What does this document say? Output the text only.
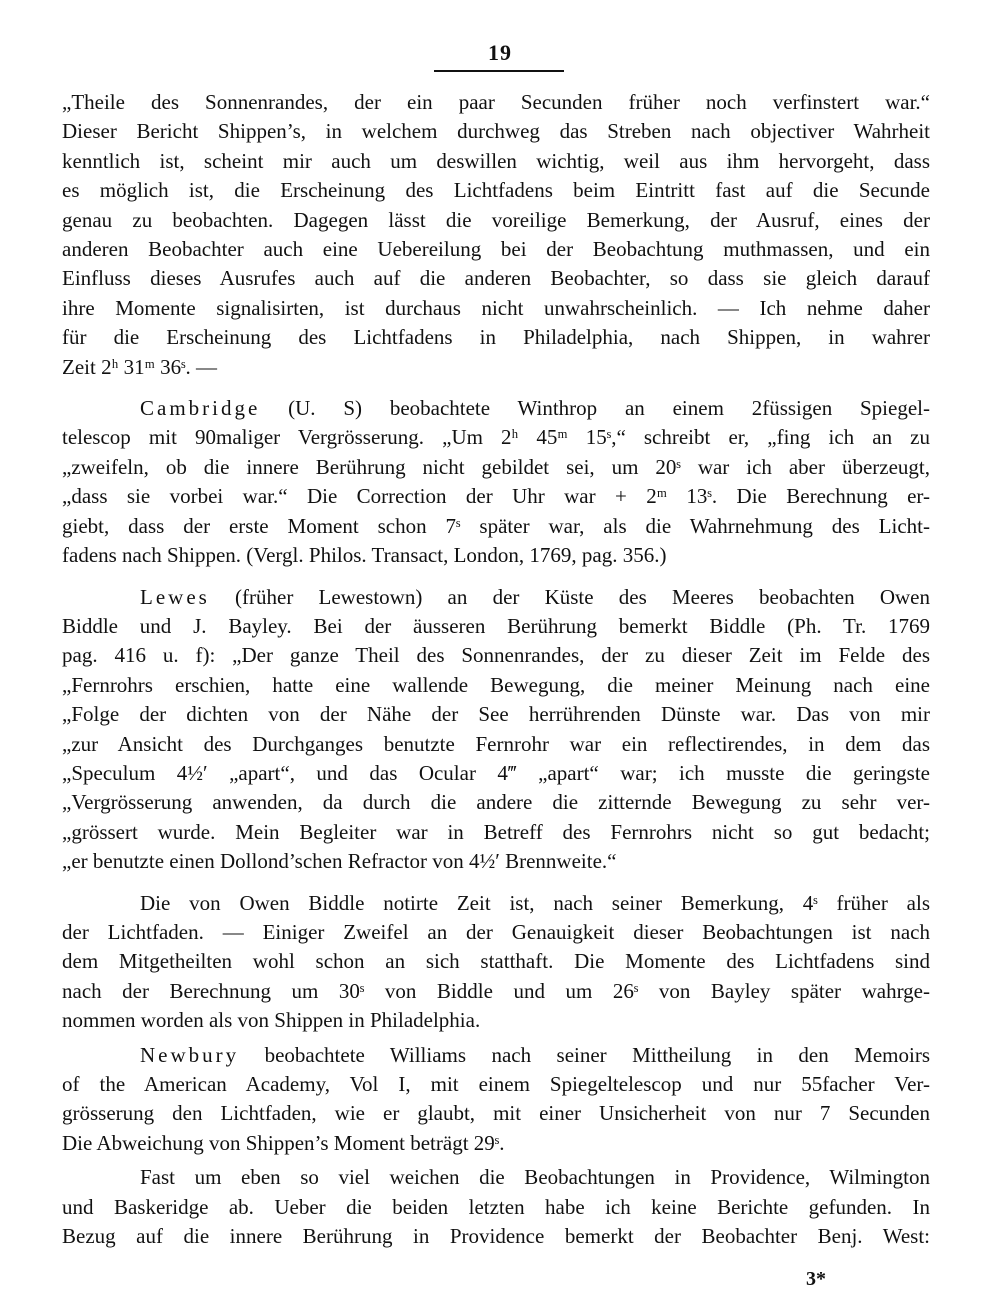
19

„Theile des Sonnenrandes, der ein paar Secunden früher noch verfinstert war.“
Dieser Bericht Shippen’s, in welchem durchweg das Streben nach objectiver Wahrheit
kenntlich ist, scheint mir auch um deswillen wichtig, weil aus ihm hervorgeht, dass
es möglich ist, die Erscheinung des Lichtfadens beim Eintritt fast auf die Secunde
genau zu beobachten. Dagegen lässt die voreilige Bemerkung, der Ausruf, eines der
anderen Beobachter auch eine Uebereilung bei der Beobachtung muthmassen, und ein
Einfluss dieses Ausrufes auch auf die anderen Beobachter, so dass sie gleich darauf
ihre Momente signalisirten, ist durchaus nicht unwahrscheinlich. — Ich nehme daher
für die Erscheinung des Lichtfadens in Philadelphia, nach Shippen, in wahrer
Zeit 2ʰ 31ᵐ 36ˢ. —

Cambridge (U. S) beobachtete Winthrop an einem 2füssigen Spiegel-
telescop mit 90maliger Vergrösserung. „Um 2ʰ 45ᵐ 15ˢ,“ schreibt er, „fing ich an zu
„zweifeln, ob die innere Berührung nicht gebildet sei, um 20ˢ war ich aber überzeugt,
„dass sie vorbei war.“ Die Correction der Uhr war + 2ᵐ 13ˢ. Die Berechnung er-
giebt, dass der erste Moment schon 7ˢ später war, als die Wahrnehmung des Licht-
fadens nach Shippen. (Vergl. Philos. Transact, London, 1769, pag. 356.)

Lewes (früher Lewestown) an der Küste des Meeres beobachten Owen
Biddle und J. Bayley. Bei der äusseren Berührung bemerkt Biddle (Ph. Tr. 1769
pag. 416 u. f): „Der ganze Theil des Sonnenrandes, der zu dieser Zeit im Felde des
„Fernrohrs erschien, hatte eine wallende Bewegung, die meiner Meinung nach eine
„Folge der dichten von der Nähe der See herrührenden Dünste war. Das von mir
„zur Ansicht des Durchganges benutzte Fernrohr war ein reflectirendes, in dem das
„Speculum 4½′ „apart“, und das Ocular 4‴ „apart“ war; ich musste die geringste
„Vergrösserung anwenden, da durch die andere die zitternde Bewegung zu sehr ver-
„grössert wurde. Mein Begleiter war in Betreff des Fernrohrs nicht so gut bedacht;
„er benutzte einen Dollond’schen Refractor von 4½′ Brennweite.“

Die von Owen Biddle notirte Zeit ist, nach seiner Bemerkung, 4ˢ früher als
der Lichtfaden. — Einiger Zweifel an der Genauigkeit dieser Beobachtungen ist nach
dem Mitgetheilten wohl schon an sich statthaft. Die Momente des Lichtfadens sind
nach der Berechnung um 30ˢ von Biddle und um 26ˢ von Bayley später wahrge-
nommen worden als von Shippen in Philadelphia.

Newbury beobachtete Williams nach seiner Mittheilung in den Memoirs
of the American Academy, Vol I, mit einem Spiegeltelescop und nur 55facher Ver-
grösserung den Lichtfaden, wie er glaubt, mit einer Unsicherheit von nur 7 Secunden
Die Abweichung von Shippen’s Moment beträgt 29ˢ.

Fast um eben so viel weichen die Beobachtungen in Providence, Wilmington
und Baskeridge ab. Ueber die beiden letzten habe ich keine Berichte gefunden. In
Bezug auf die innere Berührung in Providence bemerkt der Beobachter Benj. West:

3*
